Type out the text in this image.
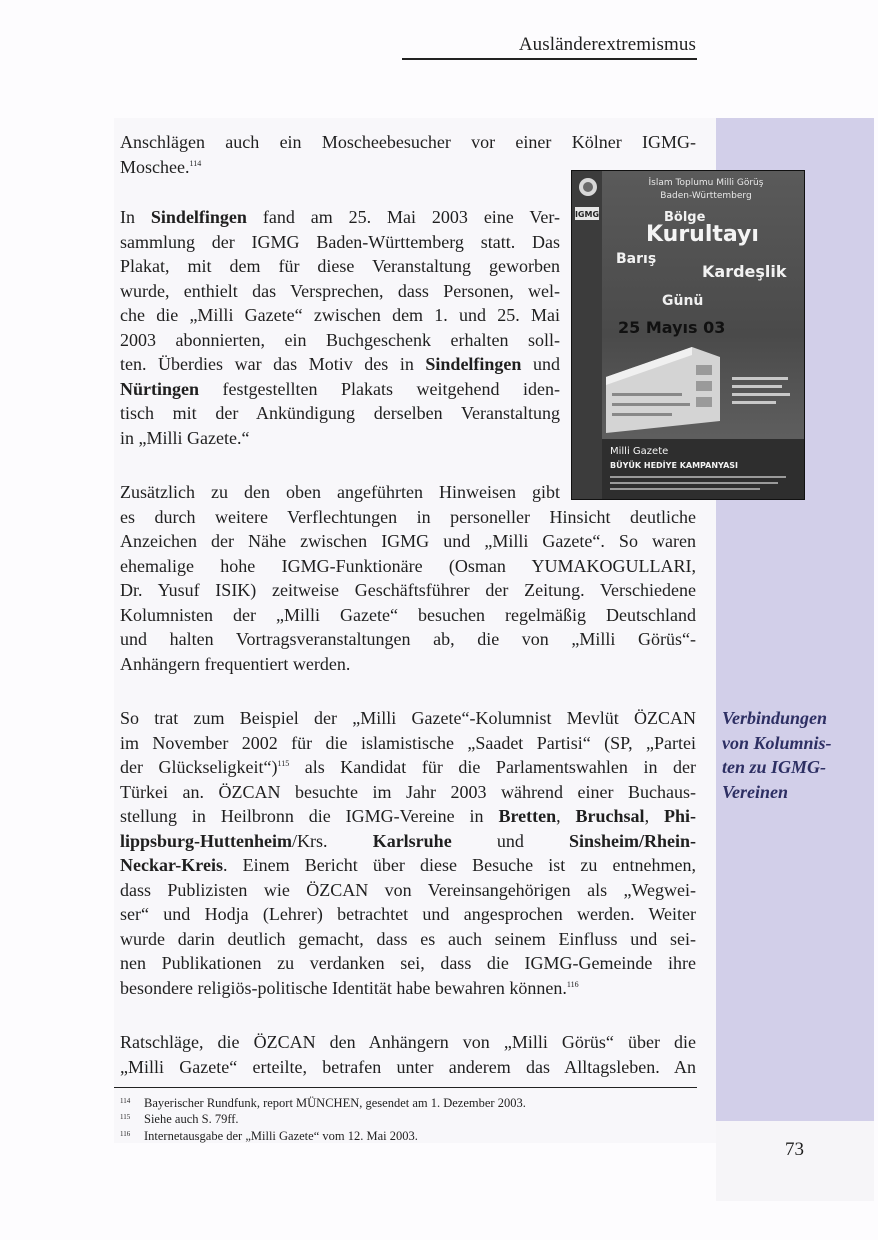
Ausländerextremismus
Anschlägen auch ein Moscheebesucher vor einer Kölner IGMG-
Moschee.$^{114}$
In Sindelfingen fand am 25. Mai 2003 eine Ver-
sammlung der IGMG Baden-Württemberg statt. Das
Plakat, mit dem für diese Veranstaltung geworben
wurde, enthielt das Versprechen, dass Personen, wel-
che die „Milli Gazete“ zwischen dem 1. und 25. Mai
2003 abonnierten, ein Buchgeschenk erhalten soll-
ten. Überdies war das Motiv des in Sindelfingen und
Nürtingen festgestellten Plakats weitgehend iden-
tisch mit der Ankündigung derselben Veranstaltung
in „Milli Gazete.“
Zusätzlich zu den oben angeführten Hinweisen gibt
es durch weitere Verflechtungen in personeller Hinsicht deutliche
Anzeichen der Nähe zwischen IGMG und „Milli Gazete“. So waren
ehemalige hohe IGMG-Funktionäre (Osman YUMAKOGULLARI,
Dr. Yusuf ISIK) zeitweise Geschäftsführer der Zeitung. Verschiedene
Kolumnisten der „Milli Gazete“ besuchen regelmäßig Deutschland
und halten Vortragsveranstaltungen ab, die von „Milli Görüs“-
Anhängern frequentiert werden.
So trat zum Beispiel der „Milli Gazete“-Kolumnist Mevlüt ÖZCAN
im November 2002 für die islamistische „Saadet Partisi“ (SP, „Partei
der Glückseligkeit“)$^{115}$ als Kandidat für die Parlamentswahlen in der
Türkei an. ÖZCAN besuchte im Jahr 2003 während einer Buchaus-
stellung in Heilbronn die IGMG-Vereine in Bretten, Bruchsal, Phi-
lippsburg-Huttenheim/Krs. Karlsruhe und Sinsheim/Rhein-
Neckar-Kreis. Einem Bericht über diese Besuche ist zu entnehmen,
dass Publizisten wie ÖZCAN von Vereinsangehörigen als „Wegwei-
ser“ und Hodja (Lehrer) betrachtet und angesprochen werden. Weiter
wurde darin deutlich gemacht, dass es auch seinem Einfluss und sei-
nen Publikationen zu verdanken sei, dass die IGMG-Gemeinde ihre
besondere religiös-politische Identität habe bewahren können.$^{116}$
Ratschläge, die ÖZCAN den Anhängern von „Milli Görüs“ über die
„Milli Gazete“ erteilte, betrafen unter anderem das Alltagsleben. An
IGMG
İslam Toplumu Milli Görüş
Baden-Württemberg
Bölge
Kurultayı
Barış
Kardeşlik
Günü
25 Mayıs 03
Milli Gazete
BÜYÜK HEDİYE KAMPANYASI
Verbindungen
von Kolumnis-
ten zu IGMG-
Vereinen
114 Bayerischer Rundfunk, report MÜNCHEN, gesendet am 1. Dezember 2003.
115 Siehe auch S. 79ff.
116 Internetausgabe der „Milli Gazete“ vom 12. Mai 2003.
73
